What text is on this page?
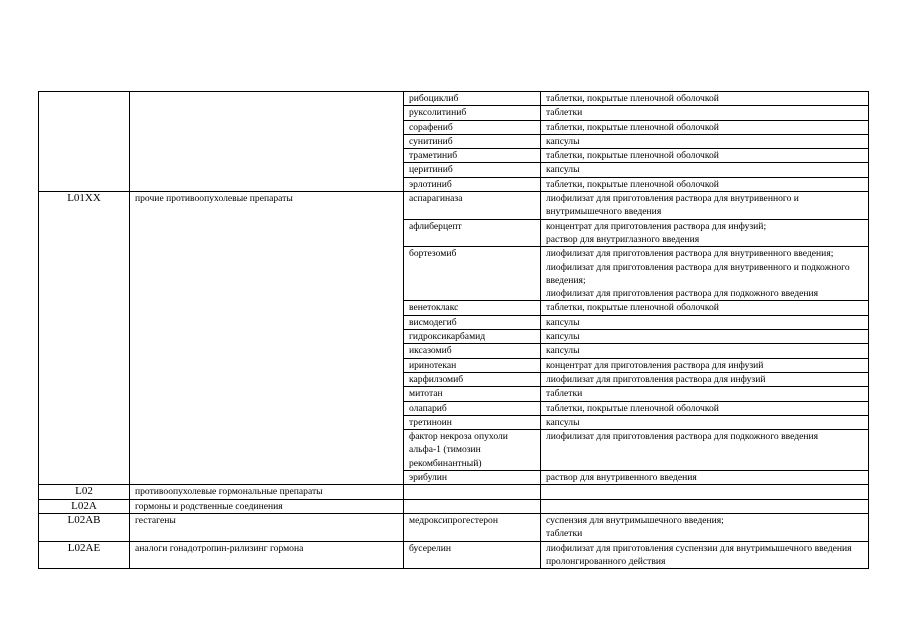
		рибоциклиб	таблетки, покрытые пленочной оболочкой
		руксолитиниб	таблетки
		сорафениб	таблетки, покрытые пленочной оболочкой
		сунитиниб	капсулы
		траметиниб	таблетки, покрытые пленочной оболочкой
		церитиниб	капсулы
		эрлотиниб	таблетки, покрытые пленочной оболочкой
L01XX	прочие противоопухолевые препараты	аспарагиназа	лиофилизат для приготовления раствора для внутривенного и внутримышечного введения
		афлиберцепт	концентрат для приготовления раствора для инфузий;
раствор для внутриглазного введения
		бортезомиб	лиофилизат для приготовления раствора для внутривенного введения;
лиофилизат для приготовления раствора для внутривенного и подкожного введения;
лиофилизат для приготовления раствора для подкожного введения
		венетоклакс	таблетки, покрытые пленочной оболочкой
		висмодегиб	капсулы
		гидроксикарбамид	капсулы
		иксазомиб	капсулы
		иринотекан	концентрат для приготовления раствора для инфузий
		карфилзомиб	лиофилизат для приготовления раствора для инфузий
		митотан	таблетки
		олапариб	таблетки, покрытые пленочной оболочкой
		третиноин	капсулы
		фактор некроза опухоли альфа-1 (тимозин рекомбинантный)	лиофилизат для приготовления раствора для подкожного введения
		эрибулин	раствор для внутривенного введения
L02	противоопухолевые гормональные препараты		
L02A	гормоны и родственные соединения		
L02AB	гестагены	медроксипрогестерон	суспензия для внутримышечного введения;
таблетки
L02AE	аналоги гонадотропин-рилизинг гормона	бусерелин	лиофилизат для приготовления суспензии для внутримышечного введения пролонгированного действия
